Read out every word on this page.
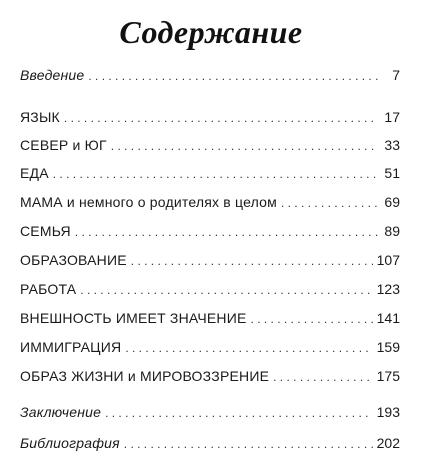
Содержание
Введение . . .	7
ЯЗЫК . . .	17
СЕВЕР и ЮГ . . .	33
ЕДА . . .	51
МАМА и немного о родителях в целом . . .	69
СЕМЬЯ . . .	89
ОБРАЗОВАНИЕ . . .	107
РАБОТА . . .	123
ВНЕШНОСТЬ ИМЕЕТ ЗНАЧЕНИЕ . . .	141
ИММИГРАЦИЯ . . .	159
ОБРАЗ ЖИЗНИ и МИРОВОЗЗРЕНИЕ . . .	175
Заключение . . .	193
Библиография . . .	202
